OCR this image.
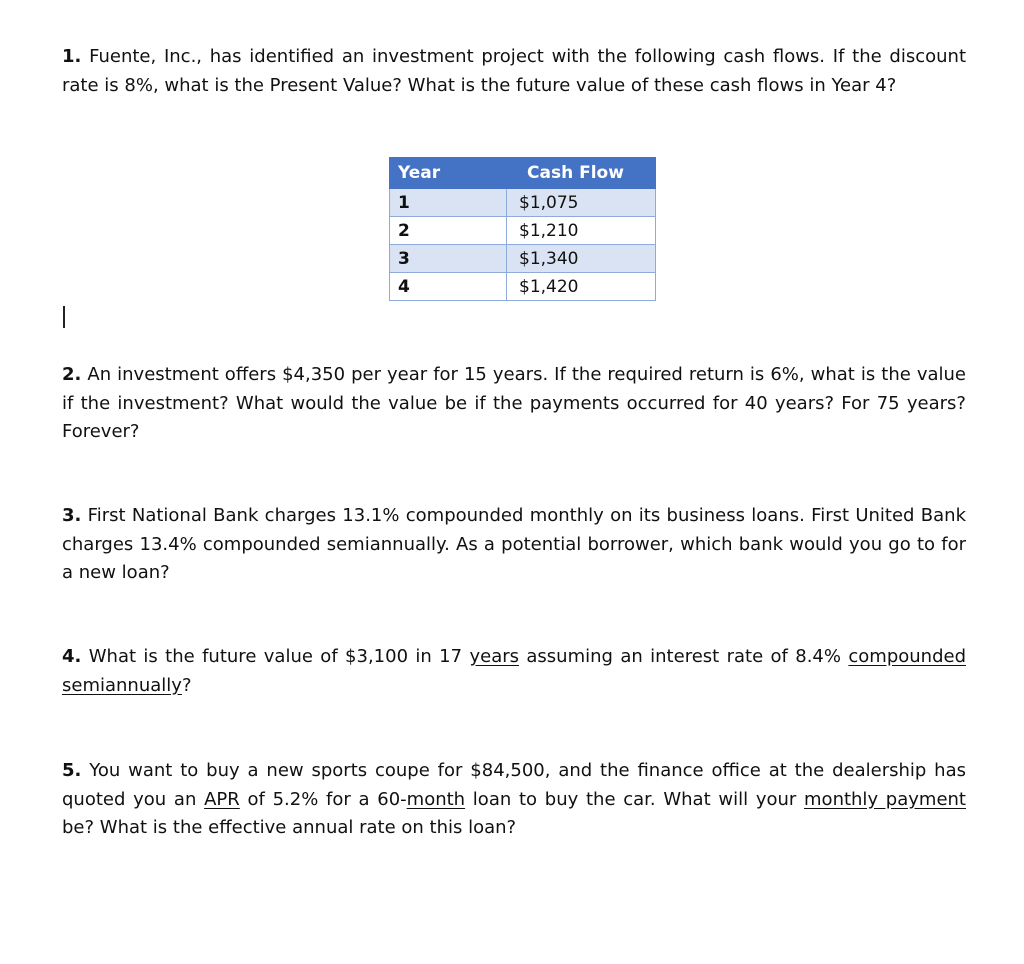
1. Fuente, Inc., has identified an investment project with the following cash flows. If the discount rate is 8%, what is the Present Value? What is the future value of these cash flows in Year 4?

Year	Cash Flow
1	$1,075
2	$1,210
3	$1,340
4	$1,420

2. An investment offers $4,350 per year for 15 years. If the required return is 6%, what is the value if the investment? What would the value be if the payments occurred for 40 years? For 75 years? Forever?

3. First National Bank charges 13.1% compounded monthly on its business loans. First United Bank charges 13.4% compounded semiannually. As a potential borrower, which bank would you go to for a new loan?

4. What is the future value of $3,100 in 17 years assuming an interest rate of 8.4% compounded semiannually?

5. You want to buy a new sports coupe for $84,500, and the finance office at the dealership has quoted you an APR of 5.2% for a 60-month loan to buy the car. What will your monthly payment be? What is the effective annual rate on this loan?
